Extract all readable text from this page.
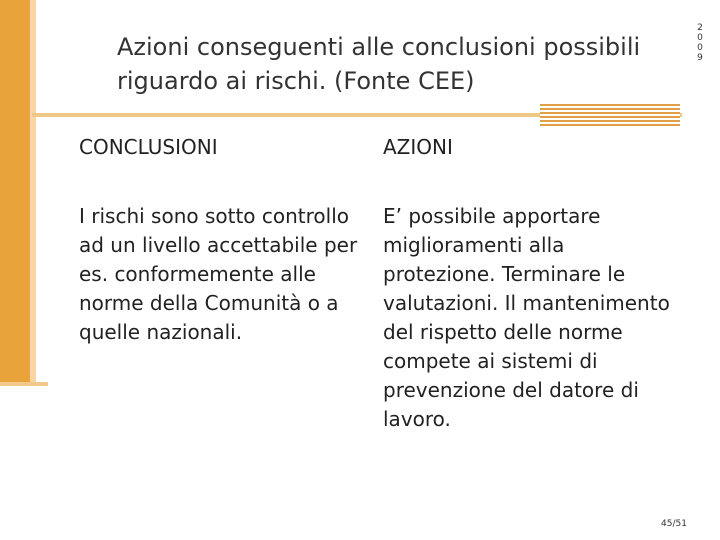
Azioni conseguenti alle conclusioni possibili riguardo ai rischi. (Fonte CEE)
2
0
0
9
CONCLUSIONI	AZIONI
I rischi sono sotto controllo ad un livello accettabile per es. conformemente alle norme della Comunità o a quelle nazionali.
E’ possibile apportare miglioramenti alla protezione. Terminare le valutazioni. Il mantenimento del rispetto delle norme compete ai sistemi di prevenzione del datore di lavoro.
45/51
